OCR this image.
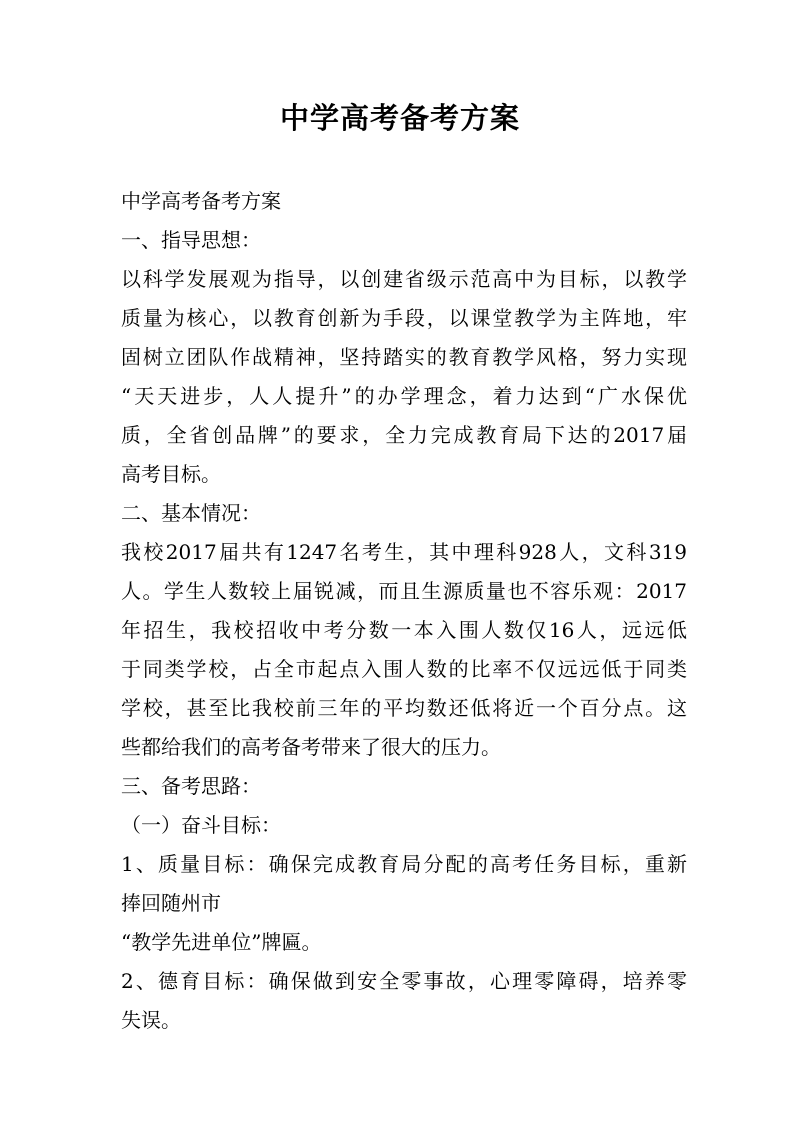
中学高考备考方案
中学高考备考方案
一、指导思想：
以科学发展观为指导，以创建省级示范高中为目标，以教学
质量为核心，以教育创新为手段，以课堂教学为主阵地，牢
固树立团队作战精神，坚持踏实的教育教学风格，努力实现
“天天进步，人人提升”的办学理念，着力达到“广水保优
质，全省创品牌”的要求，全力完成教育局下达的2017届
高考目标。
二、基本情况：
我校2017届共有1247名考生，其中理科928人，文科319
人。学生人数较上届锐减，而且生源质量也不容乐观：2017
年招生，我校招收中考分数一本入围人数仅16人，远远低
于同类学校，占全市起点入围人数的比率不仅远远低于同类
学校，甚至比我校前三年的平均数还低将近一个百分点。这
些都给我们的高考备考带来了很大的压力。
三、备考思路：
（一）奋斗目标：
1、质量目标：确保完成教育局分配的高考任务目标，重新
捧回随州市
“教学先进单位”牌匾。
2、德育目标：确保做到安全零事故，心理零障碍，培养零
失误。
